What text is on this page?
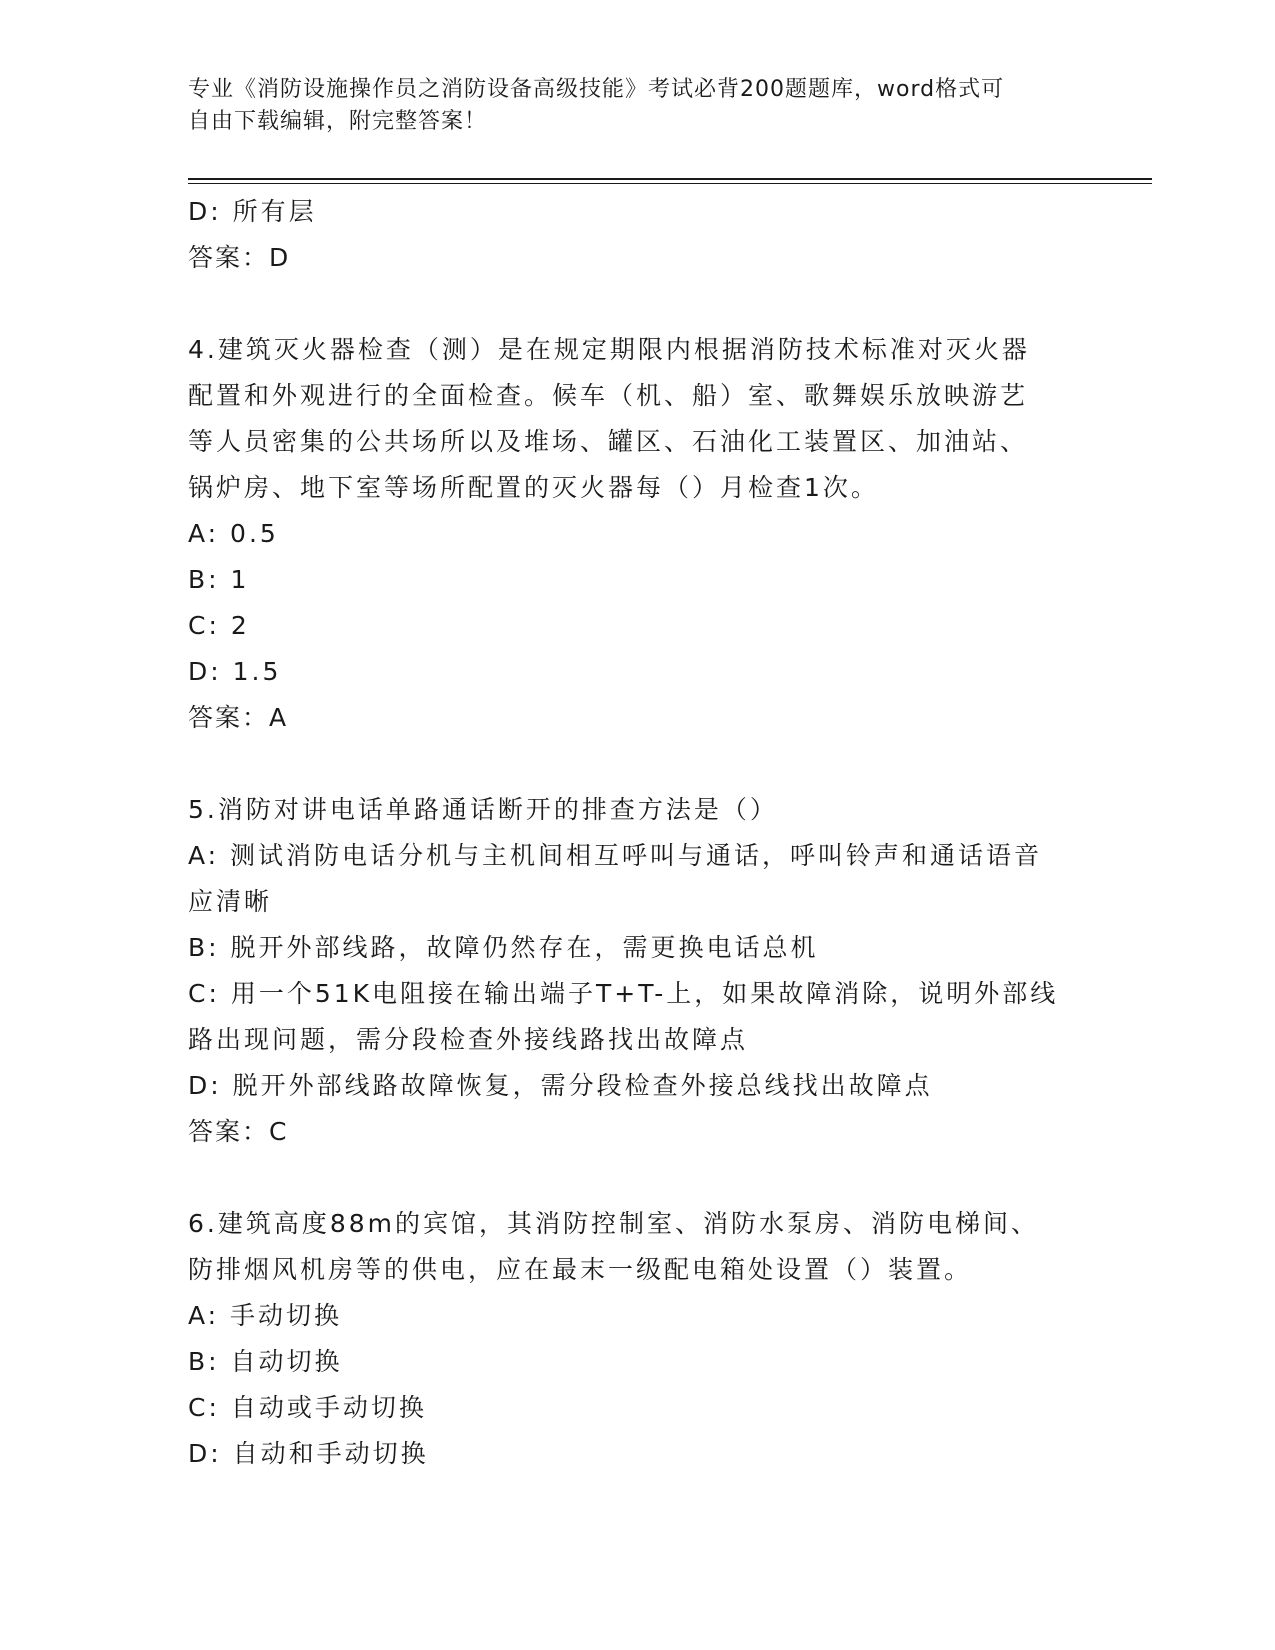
专业《消防设施操作员之消防设备高级技能》考试必背200题题库，word格式可
自由下载编辑，附完整答案！
D: 所有层
答案：D
4.建筑灭火器检查（测）是在规定期限内根据消防技术标准对灭火器
配置和外观进行的全面检查。候车（机、船）室、歌舞娱乐放映游艺
等人员密集的公共场所以及堆场、罐区、石油化工装置区、加油站、
锅炉房、地下室等场所配置的灭火器每（）月检查1次。
A: 0.5
B: 1
C: 2
D: 1.5
答案：A
5.消防对讲电话单路通话断开的排查方法是（）
A: 测试消防电话分机与主机间相互呼叫与通话，呼叫铃声和通话语音
应清晰
B: 脱开外部线路，故障仍然存在，需更换电话总机
C: 用一个51K电阻接在输出端子T+T-上，如果故障消除，说明外部线
路出现问题，需分段检查外接线路找出故障点
D: 脱开外部线路故障恢复，需分段检查外接总线找出故障点
答案：C
6.建筑高度88m的宾馆，其消防控制室、消防水泵房、消防电梯间、
防排烟风机房等的供电，应在最末一级配电箱处设置（）装置。
A: 手动切换
B: 自动切换
C: 自动或手动切换
D: 自动和手动切换
